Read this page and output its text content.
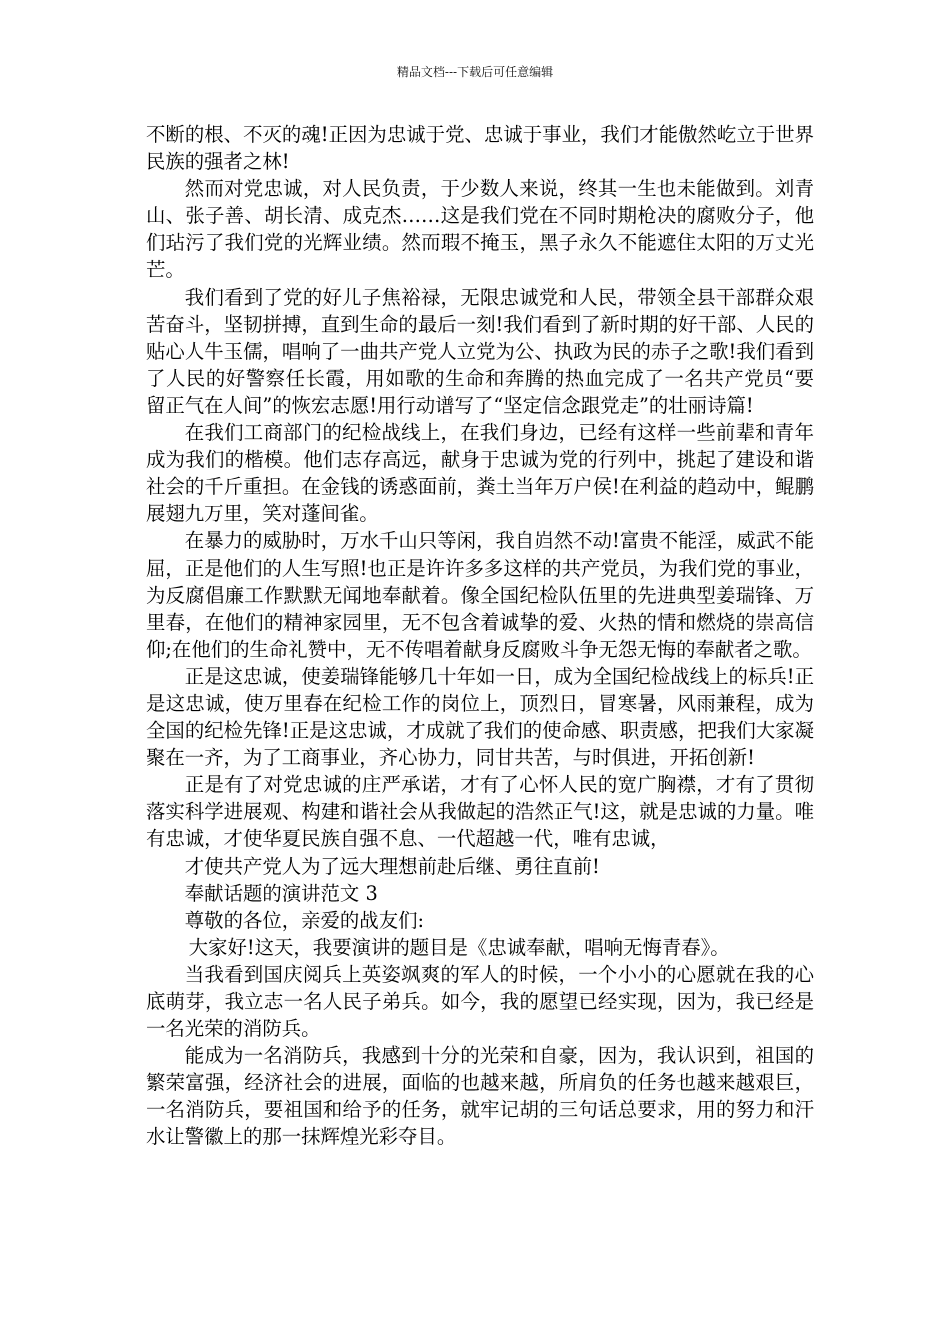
精品文档---下载后可任意编辑

不断的根、不灭的魂!正因为忠诚于党、忠诚于事业，我们才能傲然屹立于世界民族的强者之林!

然而对党忠诚，对人民负责，于少数人来说，终其一生也未能做到。刘青山、张子善、胡长清、成克杰……这是我们党在不同时期枪决的腐败分子，他们玷污了我们党的光辉业绩。然而瑕不掩玉，黑子永久不能遮住太阳的万丈光芒。

我们看到了党的好儿子焦裕禄，无限忠诚党和人民，带领全县干部群众艰苦奋斗，坚韧拼搏，直到生命的最后一刻!我们看到了新时期的好干部、人民的贴心人牛玉儒，唱响了一曲共产党人立党为公、执政为民的赤子之歌!我们看到了人民的好警察任长霞，用如歌的生命和奔腾的热血完成了一名共产党员“要留正气在人间”的恢宏志愿!用行动谱写了“坚定信念跟党走”的壮丽诗篇!

在我们工商部门的纪检战线上，在我们身边，已经有这样一些前辈和青年成为我们的楷模。他们志存高远，献身于忠诚为党的行列中，挑起了建设和谐社会的千斤重担。在金钱的诱惑面前，粪土当年万户侯!在利益的趋动中，鲲鹏展翅九万里，笑对蓬间雀。

在暴力的威胁时，万水千山只等闲，我自岿然不动!富贵不能淫，威武不能屈，正是他们的人生写照!也正是许许多多这样的共产党员，为我们党的事业，为反腐倡廉工作默默无闻地奉献着。像全国纪检队伍里的先进典型姜瑞锋、万里春，在他们的精神家园里，无不包含着诚挚的爱、火热的情和燃烧的崇高信仰;在他们的生命礼赞中，无不传唱着献身反腐败斗争无怨无悔的奉献者之歌。

正是这忠诚，使姜瑞锋能够几十年如一日，成为全国纪检战线上的标兵!正是这忠诚，使万里春在纪检工作的岗位上，顶烈日，冒寒暑，风雨兼程，成为全国的纪检先锋!正是这忠诚，才成就了我们的使命感、职责感，把我们大家凝聚在一齐，为了工商事业，齐心协力，同甘共苦，与时俱进，开拓创新!

正是有了对党忠诚的庄严承诺，才有了心怀人民的宽广胸襟，才有了贯彻落实科学进展观、构建和谐社会从我做起的浩然正气!这，就是忠诚的力量。唯有忠诚，才使华夏民族自强不息、一代超越一代，唯有忠诚，

才使共产党人为了远大理想前赴后继、勇往直前!

奉献话题的演讲范文 3

尊敬的各位，亲爱的战友们:

大家好!这天，我要演讲的题目是《忠诚奉献，唱响无悔青春》。

当我看到国庆阅兵上英姿飒爽的军人的时候，一个小小的心愿就在我的心底萌芽，我立志一名人民子弟兵。如今，我的愿望已经实现，因为，我已经是一名光荣的消防兵。

能成为一名消防兵，我感到十分的光荣和自豪，因为，我认识到，祖国的繁荣富强，经济社会的进展，面临的也越来越，所肩负的任务也越来越艰巨，一名消防兵，要祖国和给予的任务，就牢记胡的三句话总要求，用的努力和汗水让警徽上的那一抹辉煌光彩夺目。
